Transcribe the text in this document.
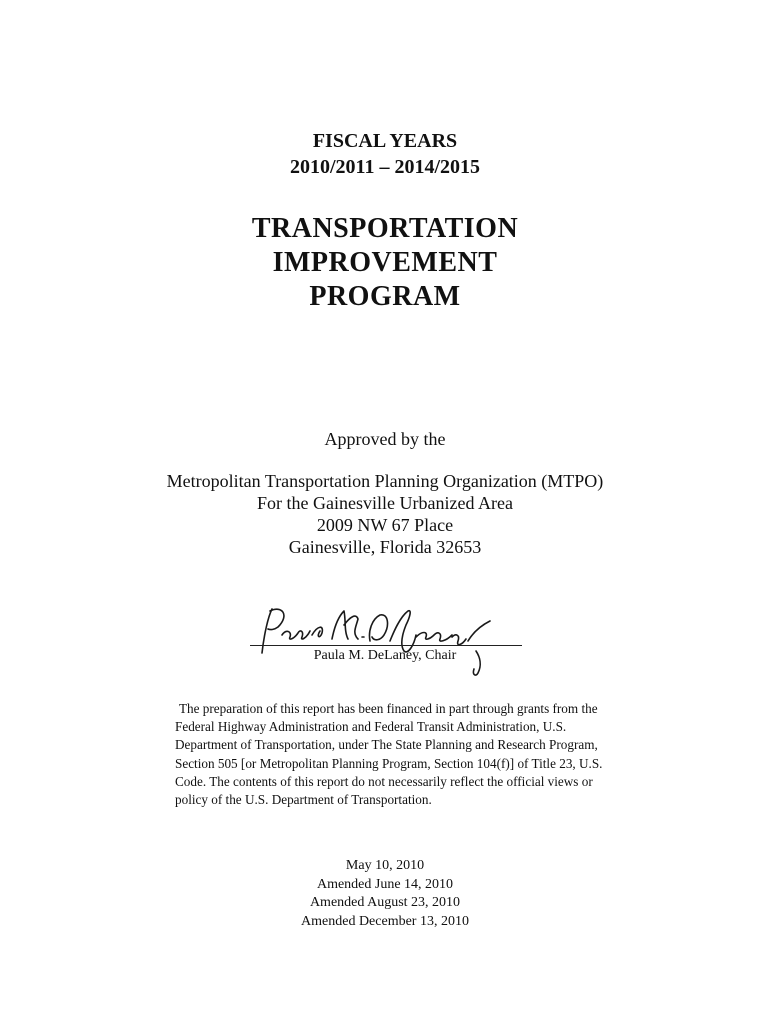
FISCAL YEARS
2010/2011 – 2014/2015
TRANSPORTATION
IMPROVEMENT
PROGRAM
Approved by the
Metropolitan Transportation Planning Organization (MTPO)
For the Gainesville Urbanized Area
2009 NW 67 Place
Gainesville, Florida 32653
Paula M. DeLaney, Chair

The preparation of this report has been financed in part through grants from the Federal Highway Administration and Federal Transit Administration, U.S. Department of Transportation, under The State Planning and Research Program, Section 505 [or Metropolitan Planning Program, Section 104(f)] of Title 23, U.S. Code. The contents of this report do not necessarily reflect the official views or policy of the U.S. Department of Transportation.

May 10, 2010
Amended June 14, 2010
Amended August 23, 2010
Amended December 13, 2010
